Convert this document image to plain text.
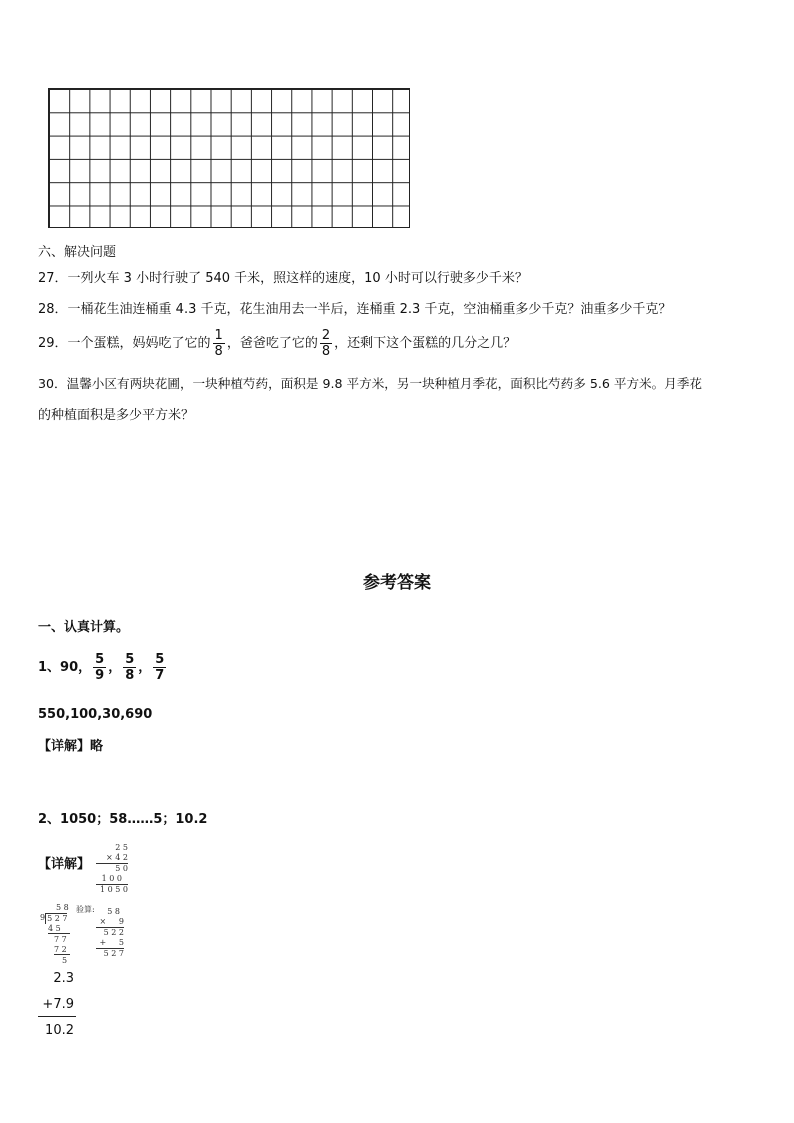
六、解决问题
27．一列火车 3 小时行驶了 540 千米，照这样的速度，10 小时可以行驶多少千米？
28．一桶花生油连桶重 4.3 千克，花生油用去一半后，连桶重 2.3 千克，空油桶重多少千克？油重多少千克？
29．一个蛋糕，妈妈吃了它的 $\frac{1}{8}$ ，爸爸吃了它的 $\frac{2}{8}$ ，还剩下这个蛋糕的几分之几？
30．温馨小区有两块花圃，一块种植芍药，面积是 9.8 平方米，另一块种植月季花，面积比芍药多 5.6 平方米。月季花
的种植面积是多少平方米？
参考答案
一、认真计算。
1、90， $\frac{5}{9}$ ， $\frac{5}{8}$ ， $\frac{5}{7}$
550,100,30,690
【详解】略
2、1050；58……5；10.2
【详解】
2 5
× 4 2
5 0
1 0 0
1 0 5 0
5 8
9 5 2 7
4 5
7 7
7 2
5
验算:	5 8
×     9
5 2 2
+     5
5 2 7
2.3
+7.9
10.2
